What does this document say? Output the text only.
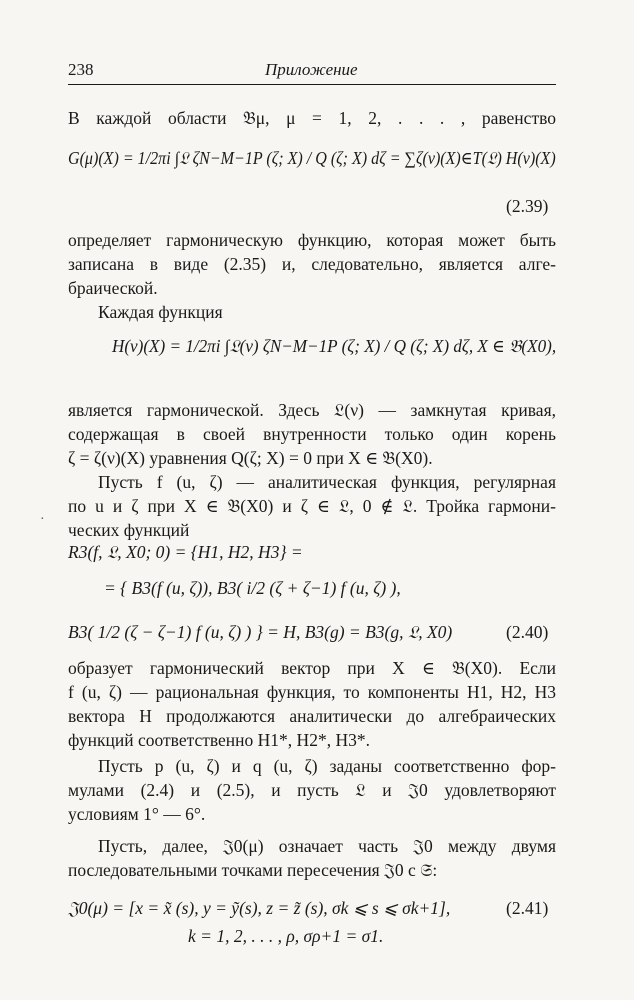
238	Приложение
В каждой области 𝔅μ, μ = 1, 2, . . . , равенство
G(μ)(X) = 1/2πi ∫𝔏 ζN−M−1P (ζ; X) / Q (ζ; X) dζ = ∑ζ(ν)(X)∈T(𝔏) H(ν)(X)
(2.39)
определяет гармоническую функцию, которая может быть
записана в виде (2.35) и, следовательно, является алге-
браической.
Каждая функция
H(ν)(X) = 1/2πi ∫𝔏(ν) ζN−M−1P (ζ; X) / Q (ζ; X) dζ, X ∈ 𝔅(X0),
является гармонической. Здесь 𝔏(ν) — замкнутая кривая,
содержащая в своей внутренности только один корень
ζ = ζ(ν)(X) уравнения Q(ζ; X) = 0 при X ∈ 𝔅(X0).
Пусть f (u, ζ) — аналитическая функция, регулярная
по u и ζ при X ∈ 𝔅(X0) и ζ ∈ 𝔏, 0 ∉ 𝔏. Тройка гармони-
ческих функций
·
R3(f, 𝔏, X0; 0) = {H1, H2, H3} =
= { B3(f (u, ζ)), B3( i/2 (ζ + ζ−1) f (u, ζ) ),
B3( 1/2 (ζ − ζ−1) f (u, ζ) ) } = H, B3(g) = B3(g, 𝔏, X0)	(2.40)
образует гармонический вектор при X ∈ 𝔅(X0). Если
f (u, ζ) — рациональная функция, то компоненты H1, H2, H3
вектора H продолжаются аналитически до алгебраических
функций соответственно H1*, H2*, H3*.
Пусть p (u, ζ) и q (u, ζ) заданы соответственно фор-
мулами (2.4) и (2.5), и пусть 𝔏 и 𝔍0 удовлетворяют
условиям 1° — 6°.
Пусть, далее, 𝔍0(μ) означает часть 𝔍0 между двумя
последовательными точками пересечения 𝔍0 с 𝔖:
𝔍0(μ) = [x = x̃ (s), y = ỹ(s), z = z̃ (s), σk ⩽ s ⩽ σk+1],	(2.41)
k = 1, 2, . . . , ρ, σρ+1 = σ1.
